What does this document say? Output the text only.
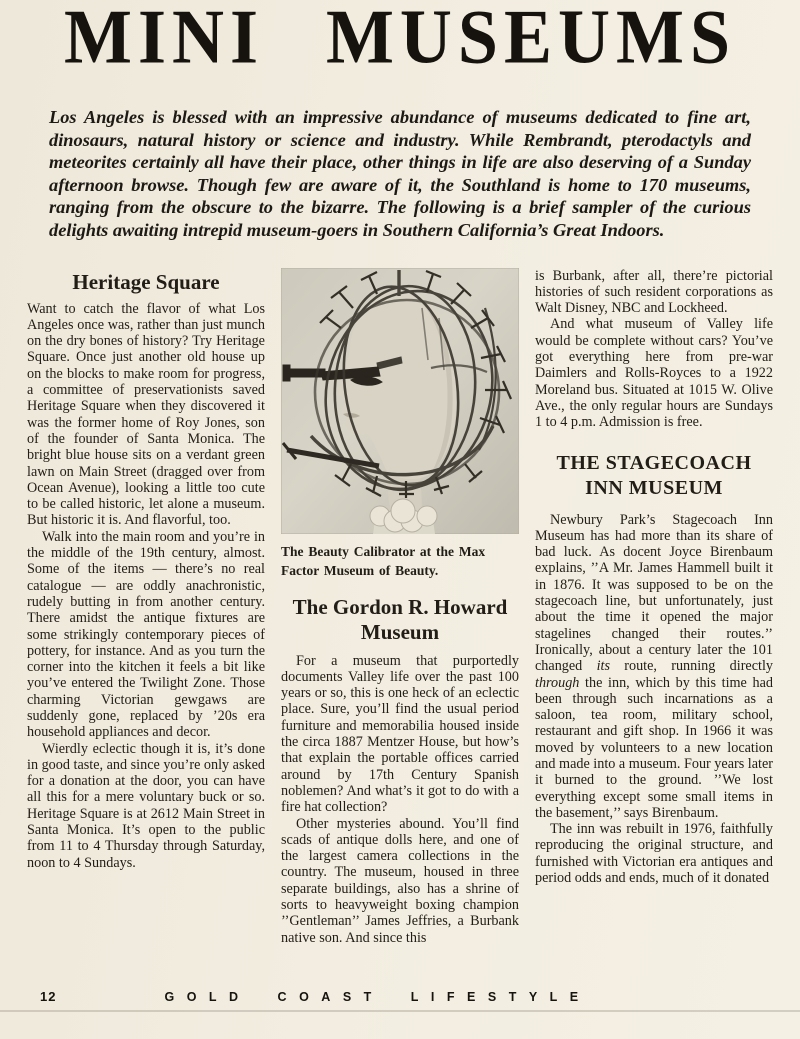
MINI MUSEUMS

Los Angeles is blessed with an impressive abundance of museums dedicated to fine art, dinosaurs, natural history or science and industry. While Rembrandt, pterodactyls and meteorites certainly all have their place, other things in life are also deserving of a Sunday afternoon browse. Though few are aware of it, the Southland is home to 170 museums, ranging from the obscure to the bizarre. The following is a brief sampler of the curious delights awaiting intrepid museum-goers in Southern California’s Great Indoors.

Heritage Square

Want to catch the flavor of what Los Angeles once was, rather than just munch on the dry bones of history? Try Heritage Square. Once just another old house up on the blocks to make room for progress, a committee of preservationists saved Heritage Square when they discovered it was the former home of Roy Jones, son of the founder of Santa Monica. The bright blue house sits on a verdant green lawn on Main Street (dragged over from Ocean Avenue), looking a little too cute to be called historic, let alone a museum. But historic it is. And flavorful, too.

Walk into the main room and you’re in the middle of the 19th century, almost. Some of the items — there’s no real catalogue — are oddly anachronistic, rudely butting in from another century. There amidst the antique fixtures are some strikingly contemporary pieces of pottery, for instance. And as you turn the corner into the kitchen it feels a bit like you’ve entered the Twilight Zone. Those charming Victorian gewgaws are suddenly gone, replaced by ’20s era household appliances and decor.

Wierdly eclectic though it is, it’s done in good taste, and since you’re only asked for a donation at the door, you can have all this for a mere voluntary buck or so. Heritage Square is at 2612 Main Street in Santa Monica. It’s open to the public from 11 to 4 Thursday through Saturday, noon to 4 Sundays.

The Beauty Calibrator at the Max Factor Museum of Beauty.

The Gordon R. Howard Museum

For a museum that purportedly documents Valley life over the past 100 years or so, this is one heck of an eclectic place. Sure, you’ll find the usual period furniture and memorabilia housed inside the circa 1887 Mentzer House, but how’s that explain the portable offices carried around by 17th Century Spanish noblemen? And what’s it got to do with a fire hat collection?

Other mysteries abound. You’ll find scads of antique dolls here, and one of the largest camera collections in the country. The museum, housed in three separate buildings, also has a shrine of sorts to heavyweight boxing champion ’’Gentleman’’ James Jeffries, a Burbank native son. And since this

is Burbank, after all, there’re pictorial histories of such resident corporations as Walt Disney, NBC and Lockheed.

And what museum of Valley life would be complete without cars? You’ve got everything here from pre-war Daimlers and Rolls-Royces to a 1922 Moreland bus. Situated at 1015 W. Olive Ave., the only regular hours are Sundays 1 to 4 p.m. Admission is free.

THE STAGECOACH INN MUSEUM

Newbury Park’s Stagecoach Inn Museum has had more than its share of bad luck. As docent Joyce Birenbaum explains, ’’A Mr. James Hammell built it in 1876. It was supposed to be on the stagecoach line, but unfortunately, just about the time it opened the major stagelines changed their routes.’’ Ironically, about a century later the 101 changed its route, running directly through the inn, which by this time had been through such incarnations as a saloon, tea room, military school, restaurant and gift shop. In 1966 it was moved by volunteers to a new location and made into a museum. Four years later it burned to the ground. ’’We lost everything except some small items in the basement,’’ says Birenbaum.

The inn was rebuilt in 1976, faithfully reproducing the original structure, and furnished with Victorian era antiques and period odds and ends, much of it donated

12	GOLD COAST LIFESTYLE
